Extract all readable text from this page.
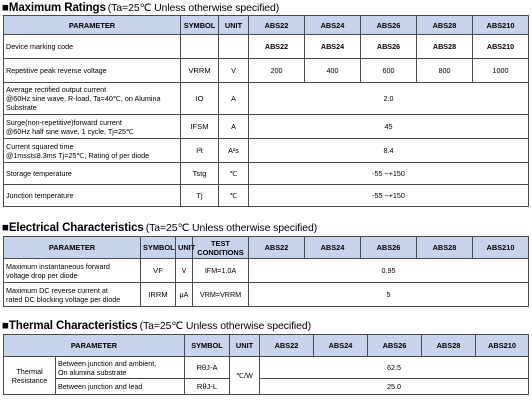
■Maximum Ratings (Ta=25℃ Unless otherwise specified)
PARAMETER	SYMBOL	UNIT	ABS22	ABS24	ABS26	ABS28	ABS210
Device marking code			ABS22	ABS24	ABS26	ABS28	ABS210
Repetitive peak reverse voltage	VRRM	V	200	400	600	800	1000
Average rectified output current
@60Hz sine wave, R-load, Ta=40℃, on Alumina Substrate	IO	A	2.0				
Surge(non-repetitive)forward current
@60Hz half sine wave, 1 cycle, Tj=25℃	IFSM	A	45				
Current squared time
@1ms≤t≤8.3ms Tj=25℃, Rating of per diode	I²t	A²s	8.4				
Storage temperature	Tstg	℃	-55 ~+150				
Junction temperature	Tj	℃	-55 ~+150				
■Electrical Characteristics (Ta=25℃ Unless otherwise specified)
PARAMETER	SYMBOL	UNIT	TEST CONDITIONS	ABS22	ABS24	ABS26	ABS28	ABS210
Maximum instantaneous forward
voltage drop per diode	VF	V	IFM=1.0A	0.95				
Maximum DC reverse current at
rated DC blocking voltage per diode	IRRM	μA	VRM=VRRM	5				
■Thermal Characteristics (Ta=25℃ Unless otherwise specified)
PARAMETER		SYMBOL	UNIT	ABS22	ABS24	ABS26	ABS28	ABS210
Thermal
Resistance	Between junction and ambient,
On alumina substrate	RθJ-A	℃/W	62.5				
	Between junction and lead	RθJ-L		25.0				
